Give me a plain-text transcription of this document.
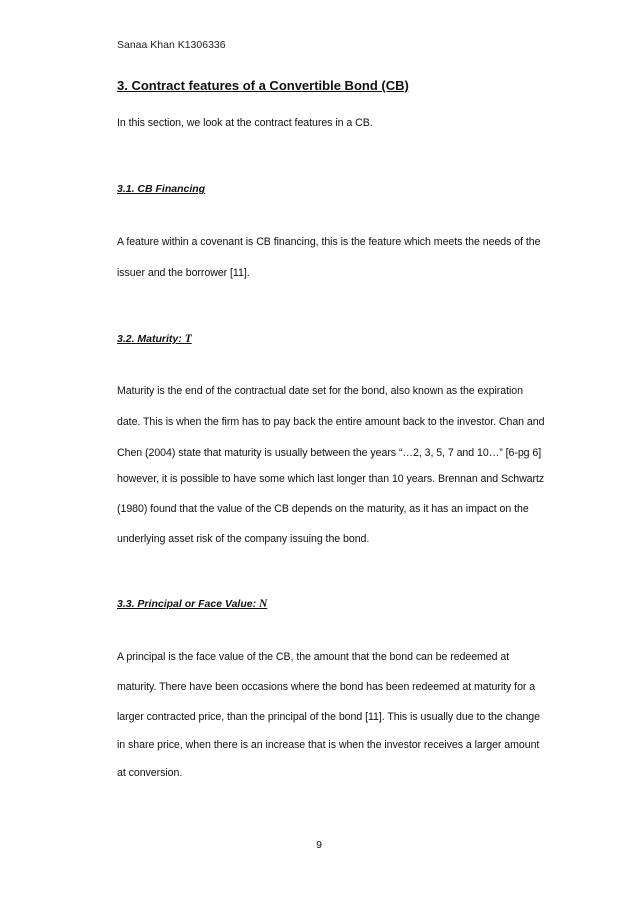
Sanaa Khan K1306336
3. Contract features of a Convertible Bond (CB)
In this section, we look at the contract features in a CB.
3.1. CB Financing
A feature within a covenant is CB financing, this is the feature which meets the needs of the
issuer and the borrower [11].
3.2. Maturity: T
Maturity is the end of the contractual date set for the bond, also known as the expiration
date. This is when the firm has to pay back the entire amount back to the investor. Chan and
Chen (2004) state that maturity is usually between the years “…2, 3, 5, 7 and 10…” [6-pg 6]
however, it is possible to have some which last longer than 10 years. Brennan and Schwartz
(1980) found that the value of the CB depends on the maturity, as it has an impact on the
underlying asset risk of the company issuing the bond.
3.3. Principal or Face Value: N
A principal is the face value of the CB, the amount that the bond can be redeemed at
maturity. There have been occasions where the bond has been redeemed at maturity for a
larger contracted price, than the principal of the bond [11]. This is usually due to the change
in share price, when there is an increase that is when the investor receives a larger amount
at conversion.
9
